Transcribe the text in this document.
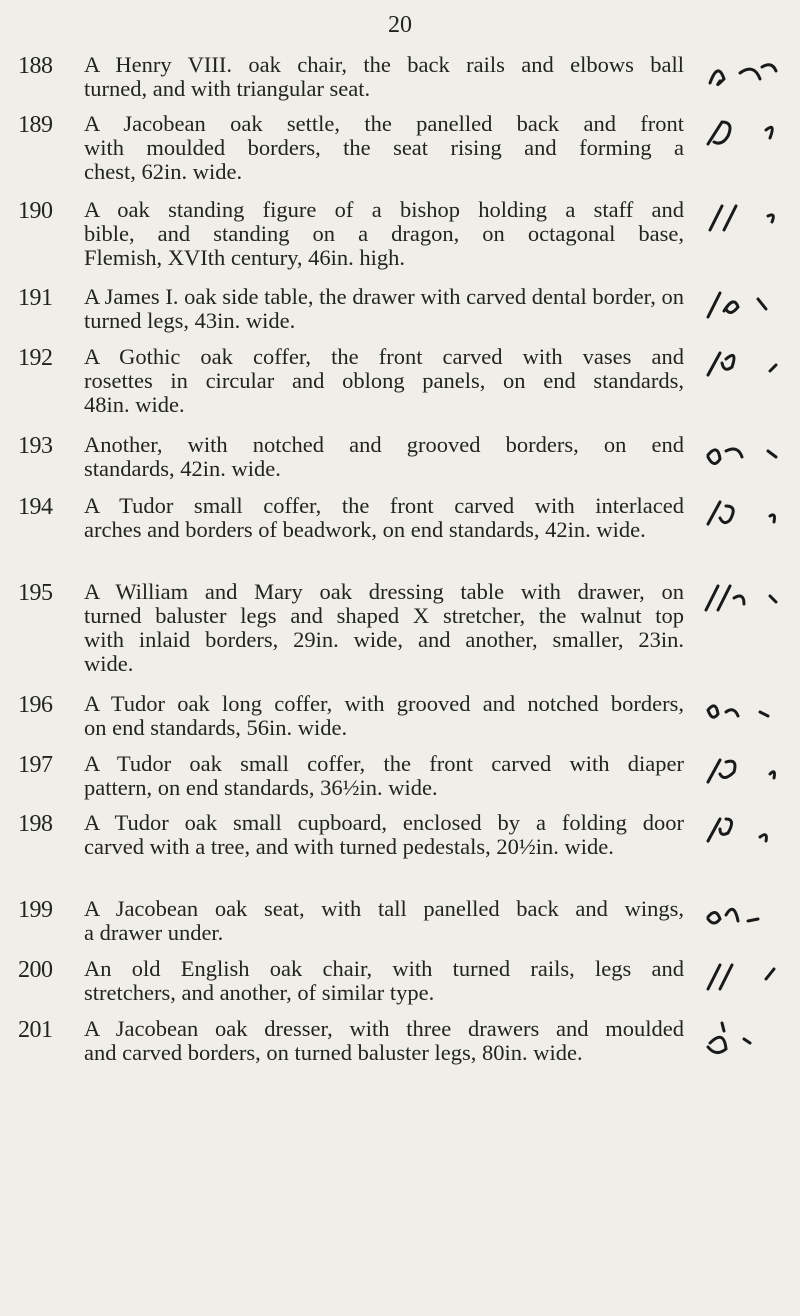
20
188 A Henry VIII. oak chair, the back rails and elbows ball
turned, and with triangular seat.
189 A Jacobean oak settle, the panelled back and front
with moulded borders, the seat rising and forming a
chest, 62in. wide.
190 A oak standing figure of a bishop holding a staff and
bible, and standing on a dragon, on octagonal base,
Flemish, XVIth century, 46in. high.
191 A James I. oak side table, the drawer with carved dental border, on
turned legs, 43in. wide.
192 A Gothic oak coffer, the front carved with vases and
rosettes in circular and oblong panels, on end standards,
48in. wide.
193 Another, with notched and grooved borders, on end
standards, 42in. wide.
194 A Tudor small coffer, the front carved with interlaced
arches and borders of beadwork, on end standards, 42in. wide.
195 A William and Mary oak dressing table with drawer, on
turned baluster legs and shaped X stretcher, the walnut top
with inlaid borders, 29in. wide, and another, smaller, 23in.
wide.
196 A Tudor oak long coffer, with grooved and notched borders,
on end standards, 56in. wide.
197 A Tudor oak small coffer, the front carved with diaper
pattern, on end standards, 36½in. wide.
198 A Tudor oak small cupboard, enclosed by a folding door
carved with a tree, and with turned pedestals, 20½in. wide.
199 A Jacobean oak seat, with tall panelled back and wings,
a drawer under.
200 An old English oak chair, with turned rails, legs and
stretchers, and another, of similar type.
201 A Jacobean oak dresser, with three drawers and moulded
and carved borders, on turned baluster legs, 80in. wide.
